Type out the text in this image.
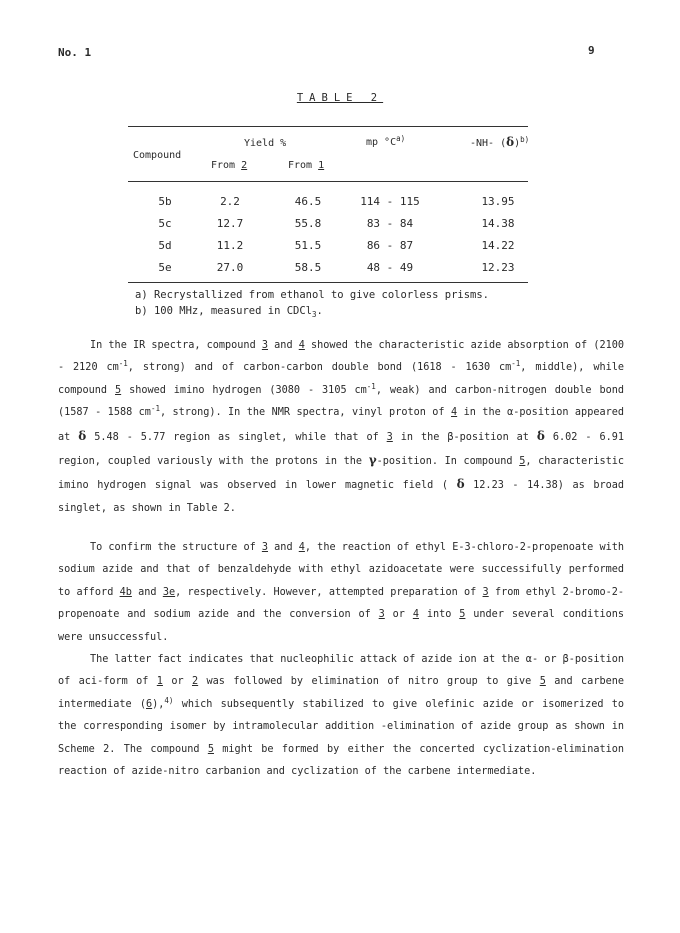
No. 1	9
TABLE 2
Compound
Yield %
From 2	From 1
mp $^\circ C^{a)}$	-NH- $(\delta)^{b)}$
5b	2.2	46.5	114 - 115	13.95
5c	12.7	55.8	83 - 84	14.38
5d	11.2	51.5	86 - 87	14.22
5e	27.0	58.5	48 - 49	12.23
a) Recrystallized from ethanol to give colorless prisms.
b) 100 MHz, measured in CDCl$_3$.

In the IR spectra, compound 3 and 4 showed the characteristic azide absorption of (2100 - 2120 $cm^{-1}$, strong) and of carbon-carbon double bond (1618 - 1630 $cm^{-1}$, middle), while compound 5 showed imino hydrogen (3080 - 3105 $cm^{-1}$, weak) and carbon-nitrogen double bond (1587 - 1588 $cm^{-1}$, strong). In the NMR spectra, vinyl proton of 4 in the α-position appeared at δ 5.48 - 5.77 region as singlet, while that of 3 in the β-position at δ 6.02 - 6.91 region, coupled variously with the protons in the γ-position. In compound 5, characteristic imino hydrogen signal was observed in lower magnetic field ( δ 12.23 - 14.38) as broad singlet, as shown in Table 2.

To confirm the structure of 3 and 4, the reaction of ethyl E-3-chloro-2-propenoate with sodium azide and that of benzaldehyde with ethyl azidoacetate were successifully performed to afford 4b and 3e, respectively. However, attempted preparation of 3 from ethyl 2-bromo-2-propenoate and sodium azide and the conversion of 3 or 4 into 5 under several conditions were unsuccessful.

The latter fact indicates that nucleophilic attack of azide ion at the α- or β-position of aci-form of 1 or 2 was followed by elimination of nitro group to give 5 and carbene intermediate (6),$^{4)}$ which subsequently stabilized to give olefinic azide or isomerized to the corresponding isomer by intramolecular addition -elimination of azide group as shown in Scheme 2. The compound 5 might be formed by either the concerted cyclization-elimination reaction of azide-nitro carbanion and cyclization of the carbene intermediate.
